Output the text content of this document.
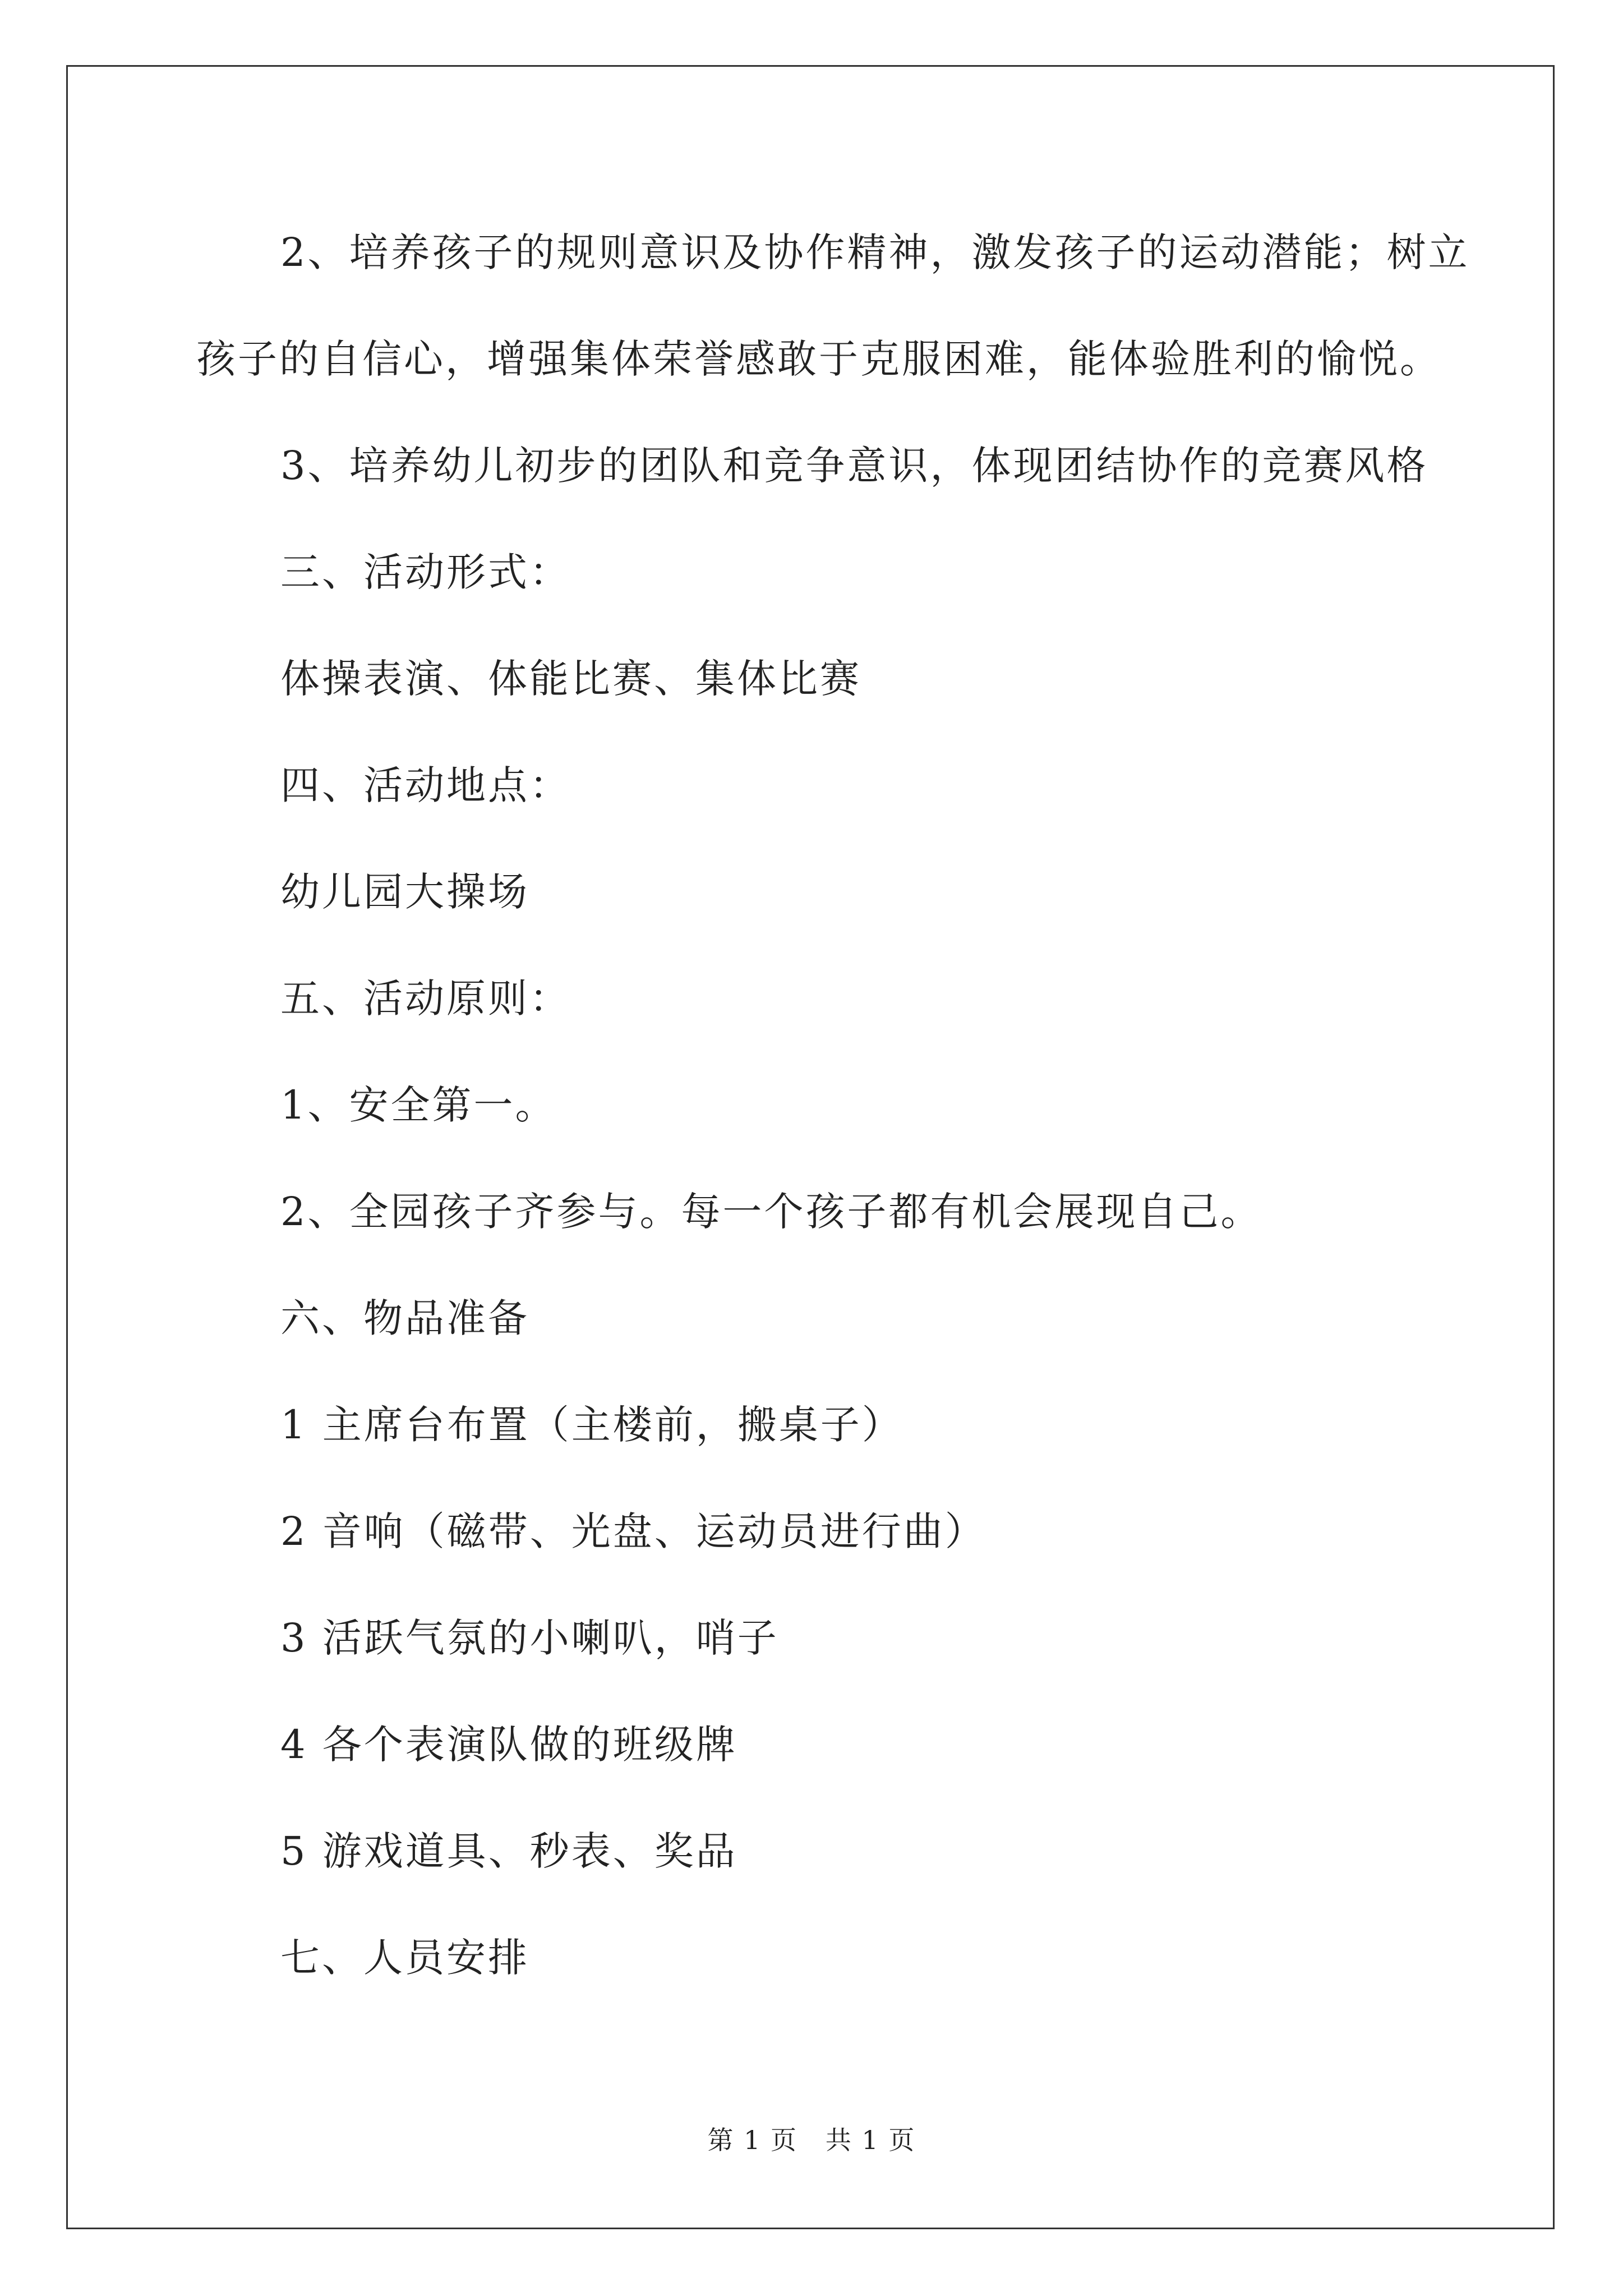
2、培养孩子的规则意识及协作精神，激发孩子的运动潜能；树立

孩子的自信心，增强集体荣誉感敢于克服困难，能体验胜利的愉悦。

3、培养幼儿初步的团队和竞争意识，体现团结协作的竞赛风格

三、活动形式：

体操表演、体能比赛、集体比赛

四、活动地点：

幼儿园大操场

五、活动原则：

1、安全第一。

2、全园孩子齐参与。每一个孩子都有机会展现自己。

六、物品准备

1 主席台布置（主楼前，搬桌子）

2 音响（磁带、光盘、运动员进行曲）

3 活跃气氛的小喇叭，哨子

4 各个表演队做的班级牌

5 游戏道具、秒表、奖品

七、人员安排

第 1 页   共 1 页
